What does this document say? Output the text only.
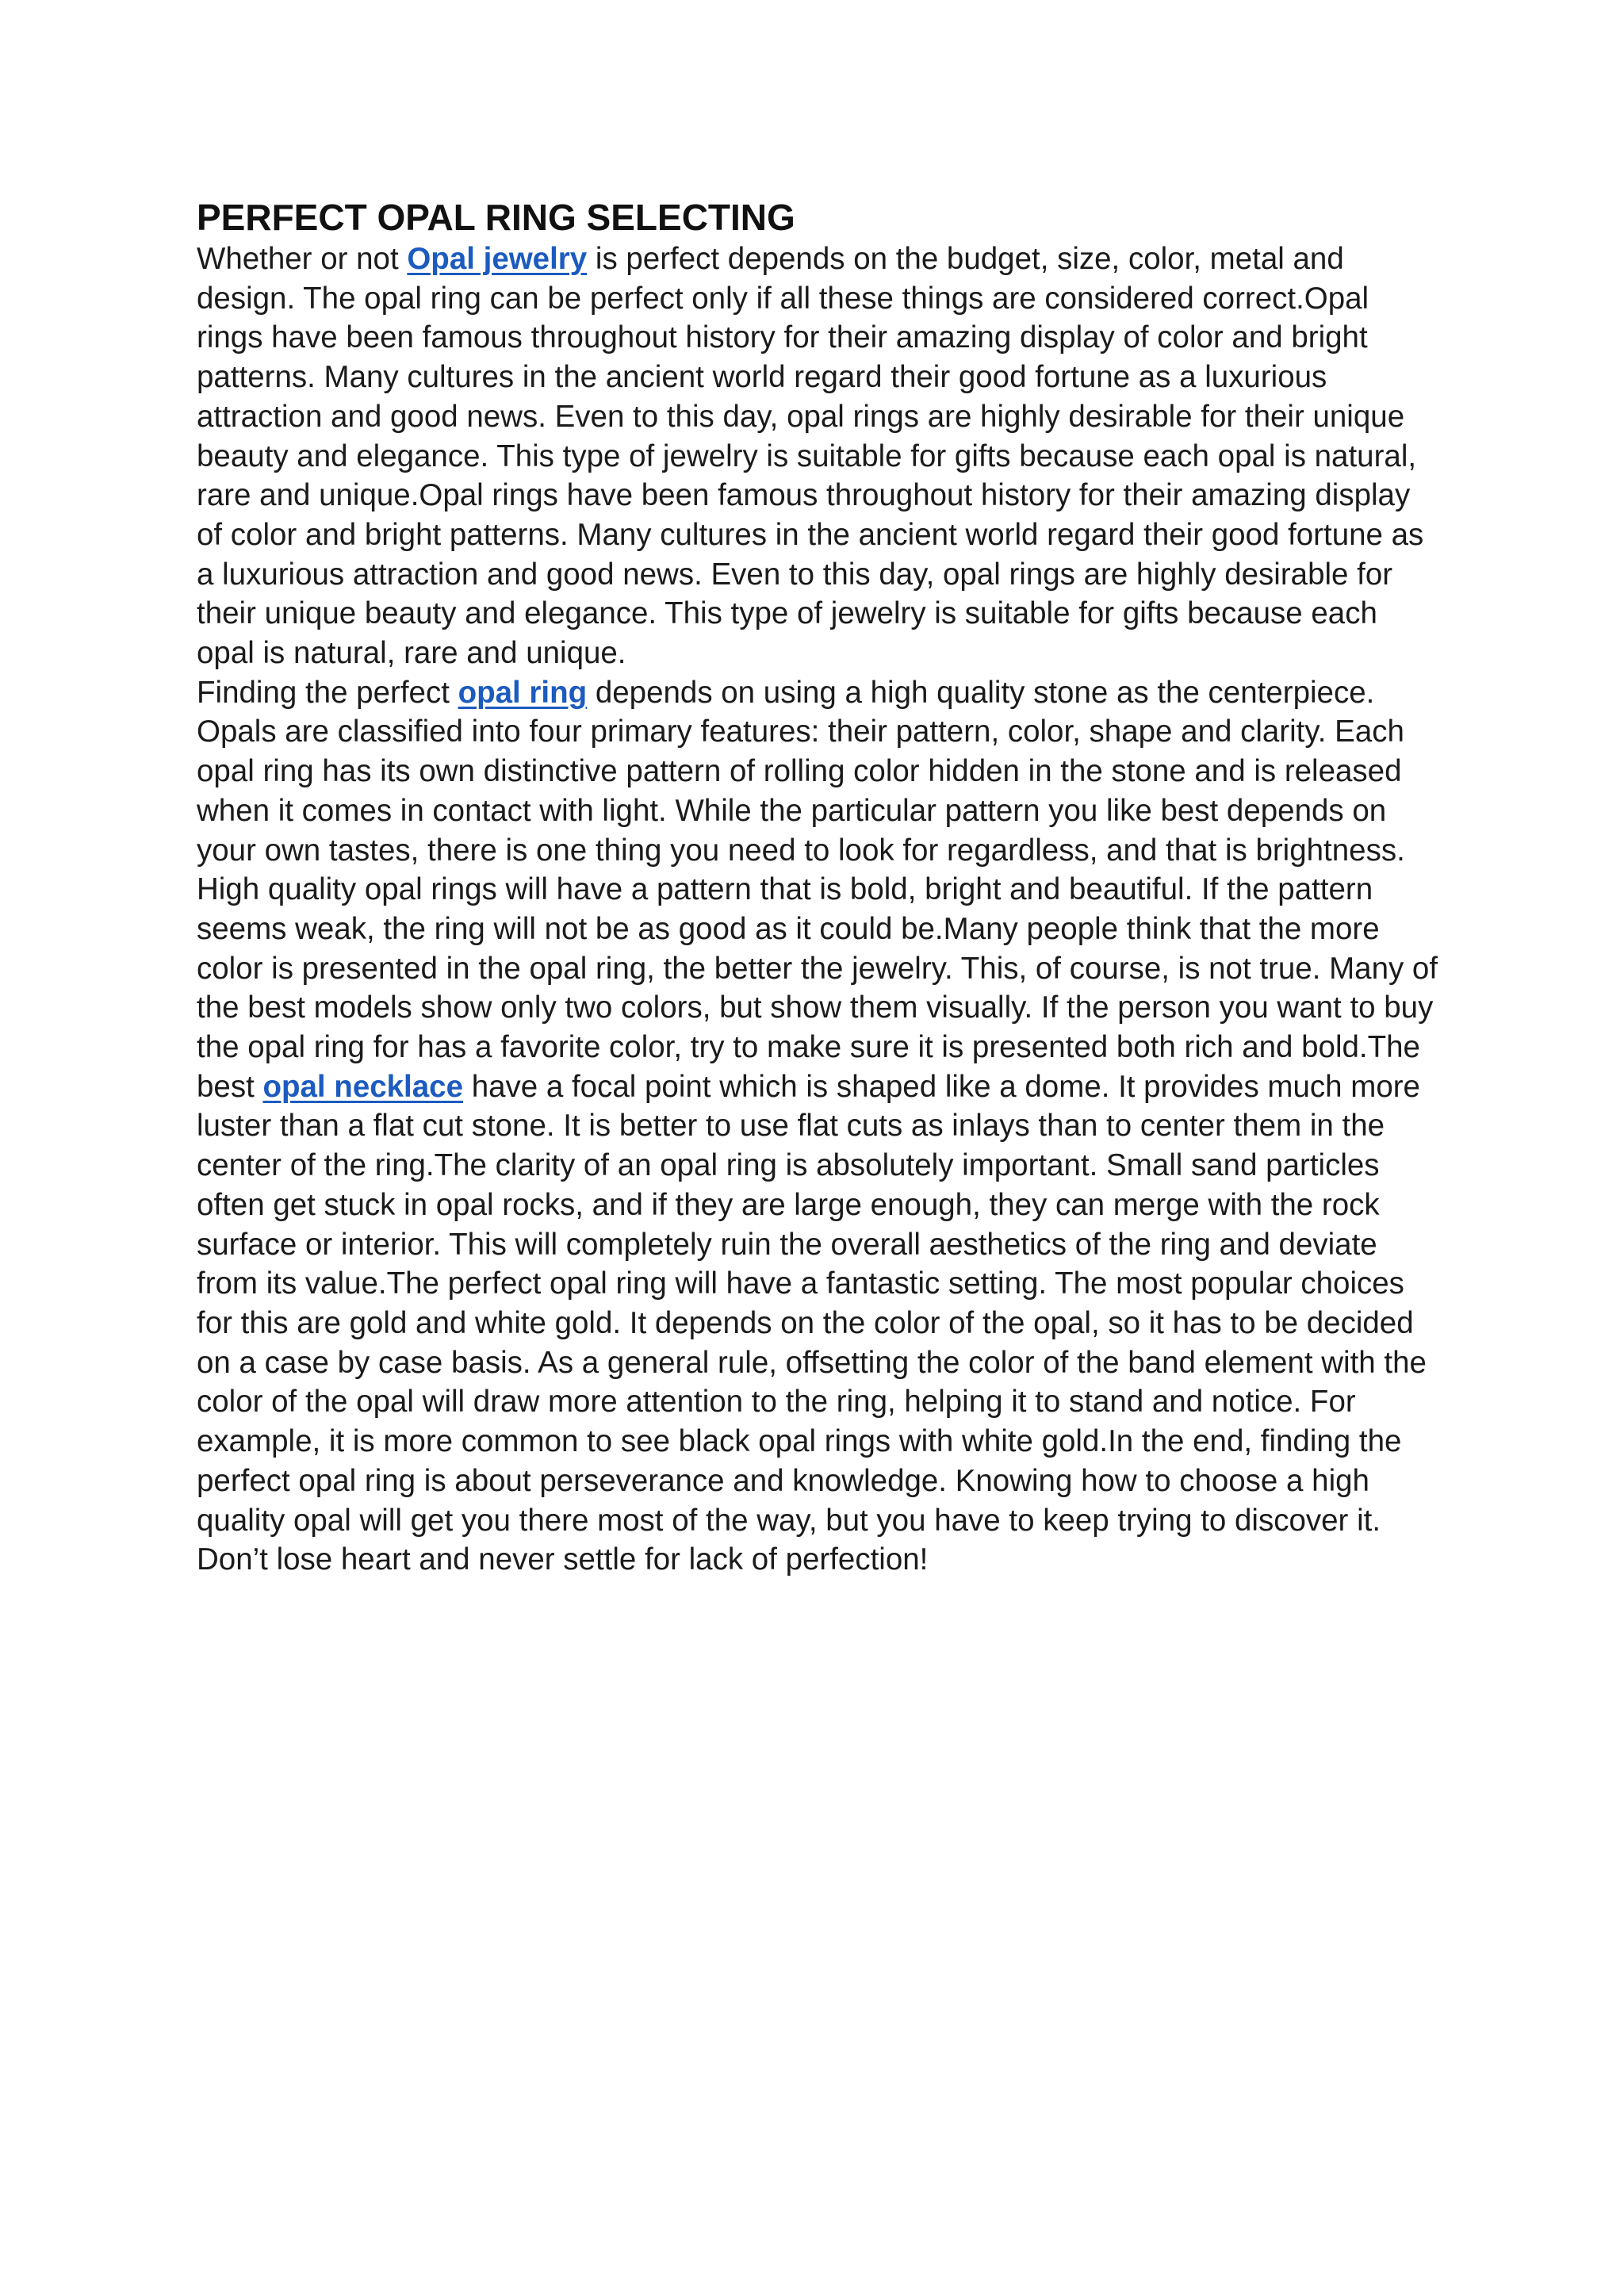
PERFECT OPAL RING SELECTING

Whether or not Opal jewelry is perfect depends on the budget, size, color, metal and design. The opal ring can be perfect only if all these things are considered correct.Opal rings have been famous throughout history for their amazing display of color and bright patterns. Many cultures in the ancient world regard their good fortune as a luxurious attraction and good news. Even to this day, opal rings are highly desirable for their unique beauty and elegance. This type of jewelry is suitable for gifts because each opal is natural, rare and unique.Opal rings have been famous throughout history for their amazing display of color and bright patterns. Many cultures in the ancient world regard their good fortune as a luxurious attraction and good news. Even to this day, opal rings are highly desirable for their unique beauty and elegance. This type of jewelry is suitable for gifts because each opal is natural, rare and unique.

Finding the perfect opal ring depends on using a high quality stone as the centerpiece. Opals are classified into four primary features: their pattern, color, shape and clarity. Each opal ring has its own distinctive pattern of rolling color hidden in the stone and is released when it comes in contact with light. While the particular pattern you like best depends on your own tastes, there is one thing you need to look for regardless, and that is brightness. High quality opal rings will have a pattern that is bold, bright and beautiful. If the pattern seems weak, the ring will not be as good as it could be.Many people think that the more color is presented in the opal ring, the better the jewelry. This, of course, is not true. Many of the best models show only two colors, but show them visually. If the person you want to buy the opal ring for has a favorite color, try to make sure it is presented both rich and bold.The best opal necklace have a focal point which is shaped like a dome. It provides much more luster than a flat cut stone. It is better to use flat cuts as inlays than to center them in the center of the ring.The clarity of an opal ring is absolutely important. Small sand particles often get stuck in opal rocks, and if they are large enough, they can merge with the rock surface or interior. This will completely ruin the overall aesthetics of the ring and deviate from its value.The perfect opal ring will have a fantastic setting. The most popular choices for this are gold and white gold. It depends on the color of the opal, so it has to be decided on a case by case basis. As a general rule, offsetting the color of the band element with the color of the opal will draw more attention to the ring, helping it to stand and notice. For example, it is more common to see black opal rings with white gold.In the end, finding the perfect opal ring is about perseverance and knowledge. Knowing how to choose a high quality opal will get you there most of the way, but you have to keep trying to discover it. Don’t lose heart and never settle for lack of perfection!
